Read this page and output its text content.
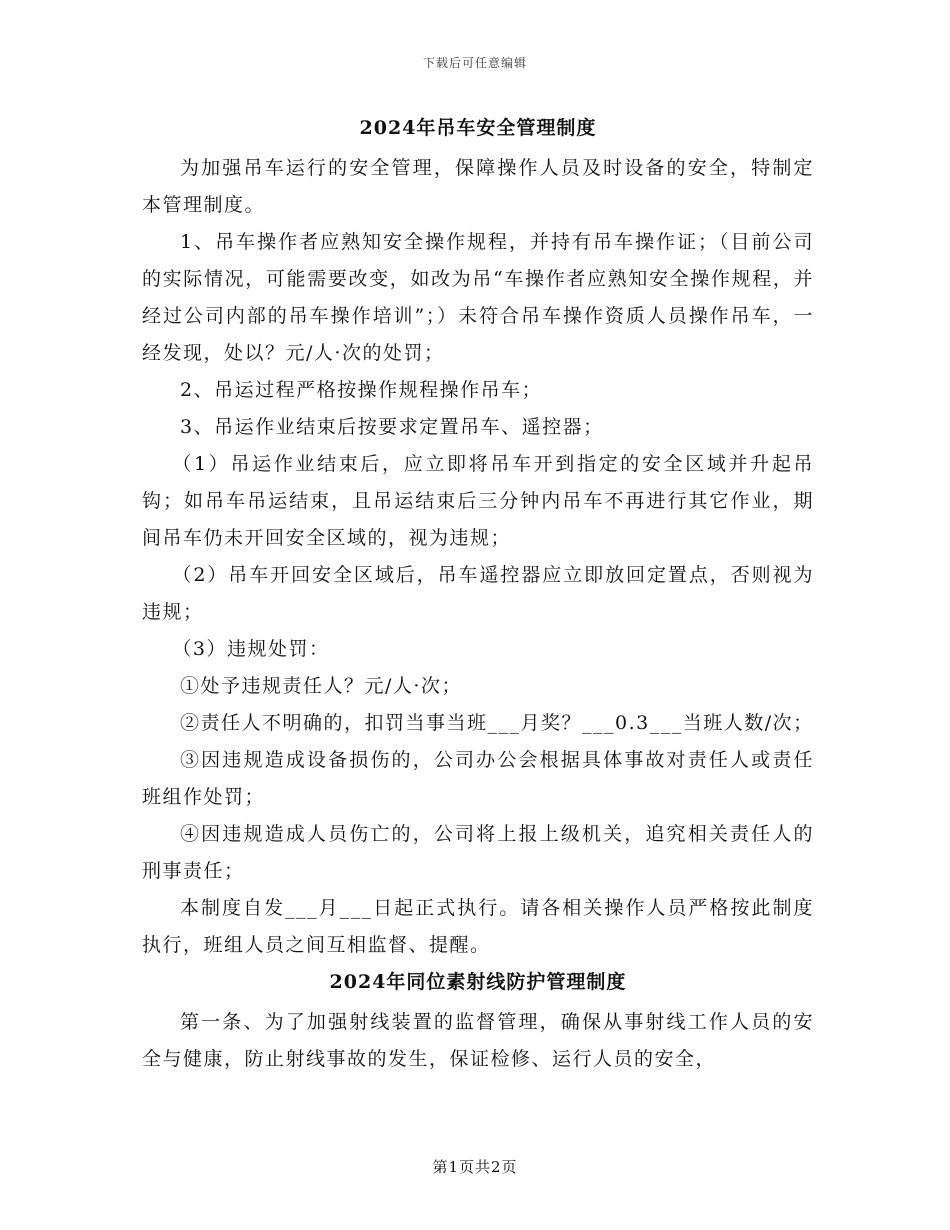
下载后可任意编辑
2024年吊车安全管理制度

为加强吊车运行的安全管理，保障操作人员及时设备的安全，特制定本管理制度。

1、吊车操作者应熟知安全操作规程，并持有吊车操作证；（目前公司的实际情况，可能需要改变，如改为吊“车操作者应熟知安全操作规程，并经过公司内部的吊车操作培训”；）未符合吊车操作资质人员操作吊车，一经发现，处以？元/人·次的处罚；

2、吊运过程严格按操作规程操作吊车；

3、吊运作业结束后按要求定置吊车、遥控器；

（1）吊运作业结束后，应立即将吊车开到指定的安全区域并升起吊钩；如吊车吊运结束，且吊运结束后三分钟内吊车不再进行其它作业，期间吊车仍未开回安全区域的，视为违规；

（2）吊车开回安全区域后，吊车遥控器应立即放回定置点，否则视为违规；

（3）违规处罚：

①处予违规责任人？元/人·次；

②责任人不明确的，扣罚当事当班___月奖？___0.3___当班人数/次；

③因违规造成设备损伤的，公司办公会根据具体事故对责任人或责任班组作处罚；

④因违规造成人员伤亡的，公司将上报上级机关，追究相关责任人的刑事责任；

本制度自发___月___日起正式执行。请各相关操作人员严格按此制度执行，班组人员之间互相监督、提醒。

2024年同位素射线防护管理制度

第一条、为了加强射线装置的监督管理，确保从事射线工作人员的安全与健康，防止射线事故的发生，保证检修、运行人员的安全，

第1页共2页
